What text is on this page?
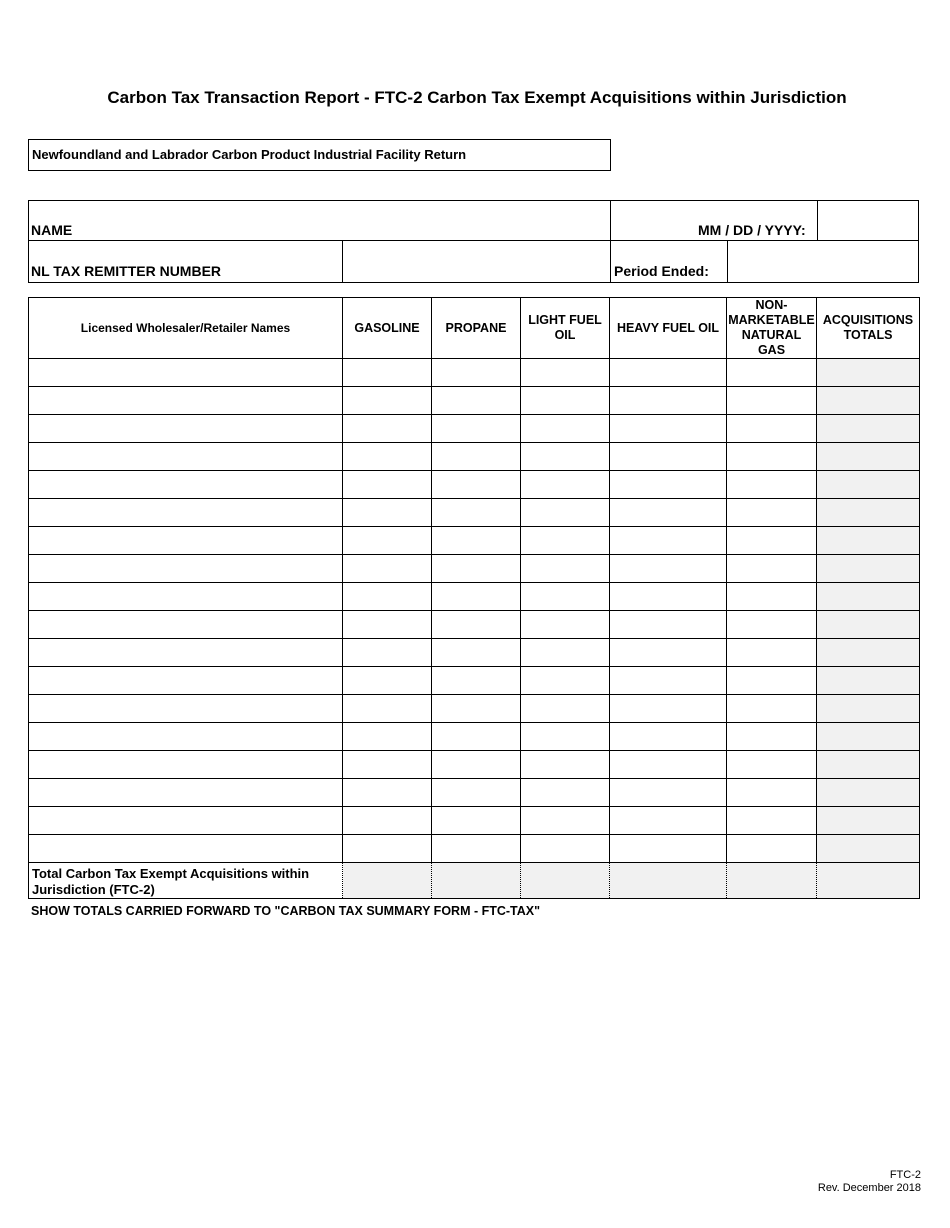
Carbon Tax Transaction Report - FTC-2 Carbon Tax Exempt Acquisitions within Jurisdiction
Newfoundland and Labrador Carbon Product Industrial Facility Return
NAME	MM / DD / YYYY:
NL TAX REMITTER NUMBER	Period Ended:
Licensed Wholesaler/Retailer Names	GASOLINE	PROPANE	LIGHT FUEL OIL	HEAVY FUEL OIL	NON-MARKETABLE NATURAL GAS	ACQUISITIONS TOTALS

Total Carbon Tax Exempt Acquisitions within Jurisdiction (FTC-2)						
SHOW TOTALS CARRIED FORWARD TO "CARBON TAX SUMMARY FORM - FTC-TAX"
FTC-2
Rev. December 2018
